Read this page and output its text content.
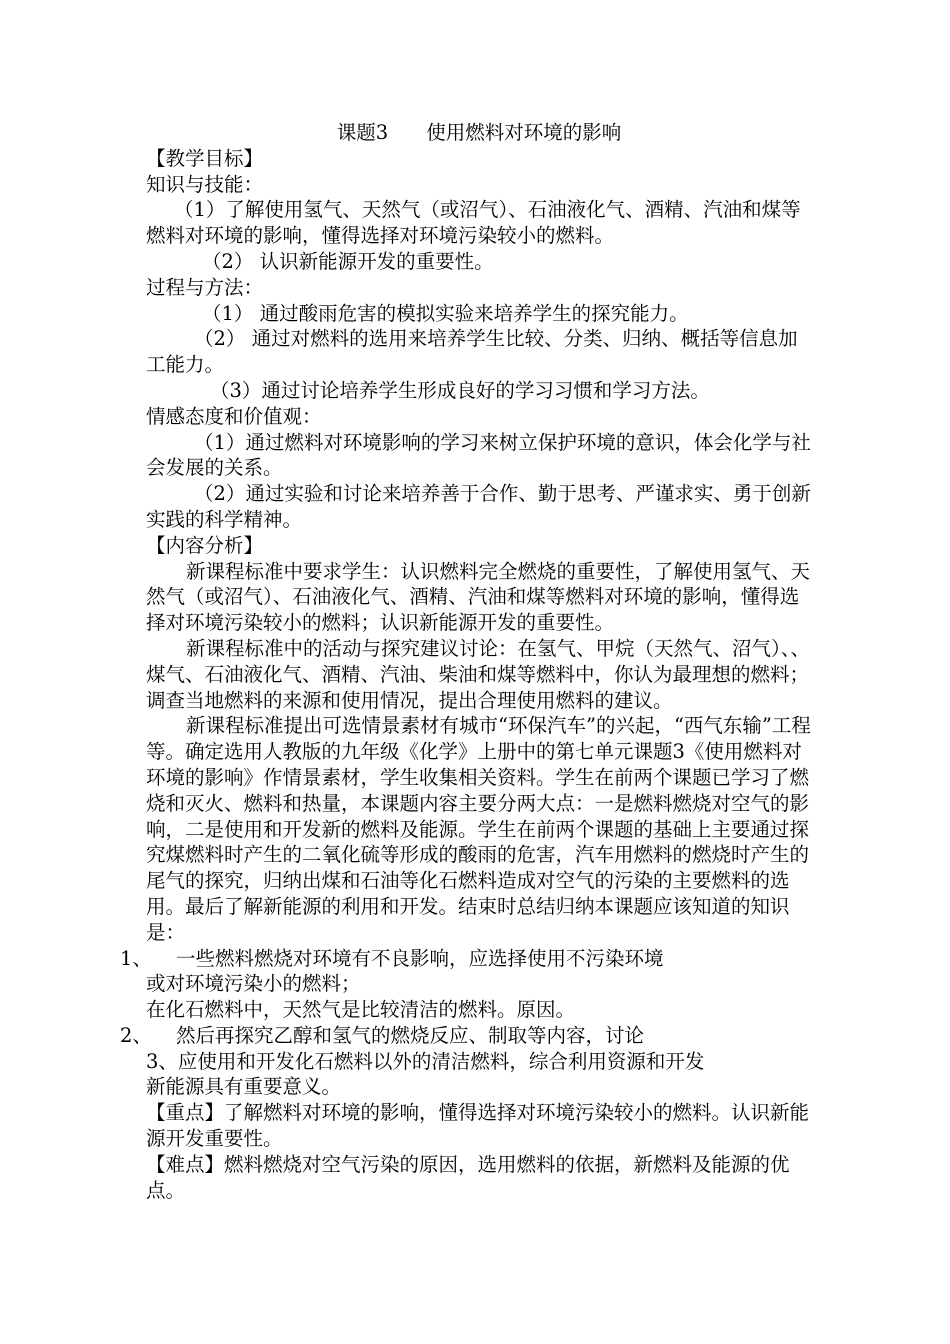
课题3 使用燃料对环境的影响
【教学目标】
知识与技能：
（1）了解使用氢气、天然气（或沼气）、石油液化气、酒精、汽油和煤等燃料对环境的影响，懂得选择对环境污染较小的燃料。
（2） 认识新能源开发的重要性。
过程与方法：
（1） 通过酸雨危害的模拟实验来培养学生的探究能力。
（2） 通过对燃料的选用来培养学生比较、分类、归纳、概括等信息加工能力。
（3）通过讨论培养学生形成良好的学习习惯和学习方法。
情感态度和价值观：
（1）通过燃料对环境影响的学习来树立保护环境的意识，体会化学与社会发展的关系。
（2）通过实验和讨论来培养善于合作、勤于思考、严谨求实、勇于创新实践的科学精神。
【内容分析】
新课程标准中要求学生：认识燃料完全燃烧的重要性，了解使用氢气、天然气（或沼气）、石油液化气、酒精、汽油和煤等燃料对环境的影响，懂得选择对环境污染较小的燃料；认识新能源开发的重要性。
新课程标准中的活动与探究建议讨论：在氢气、甲烷（天然气、沼气）、、煤气、石油液化气、酒精、汽油、柴油和煤等燃料中，你认为最理想的燃料；调查当地燃料的来源和使用情况，提出合理使用燃料的建议。
新课程标准提出可选情景素材有城市“环保汽车”的兴起，“西气东输”工程等。确定选用人教版的九年级《化学》上册中的第七单元课题3《使用燃料对环境的影响》作情景素材，学生收集相关资料。学生在前两个课题已学习了燃烧和灭火、燃料和热量，本课题内容主要分两大点：一是燃料燃烧对空气的影响，二是使用和开发新的燃料及能源。学生在前两个课题的基础上主要通过探究煤燃料时产生的二氧化硫等形成的酸雨的危害，汽车用燃料的燃烧时产生的尾气的探究，归纳出煤和石油等化石燃料造成对空气的污染的主要燃料的选用。最后了解新能源的利用和开发。结束时总结归纳本课题应该知道的知识是：
1、 一些燃料燃烧对环境有不良影响，应选择使用不污染环境
或对环境污染小的燃料；
在化石燃料中，天然气是比较清洁的燃料。原因。
2、 然后再探究乙醇和氢气的燃烧反应、制取等内容，讨论
3、应使用和开发化石燃料以外的清洁燃料，综合利用资源和开发
新能源具有重要意义。
【重点】了解燃料对环境的影响，懂得选择对环境污染较小的燃料。认识新能源开发重要性。
【难点】燃料燃烧对空气污染的原因，选用燃料的依据，新燃料及能源的优点。
